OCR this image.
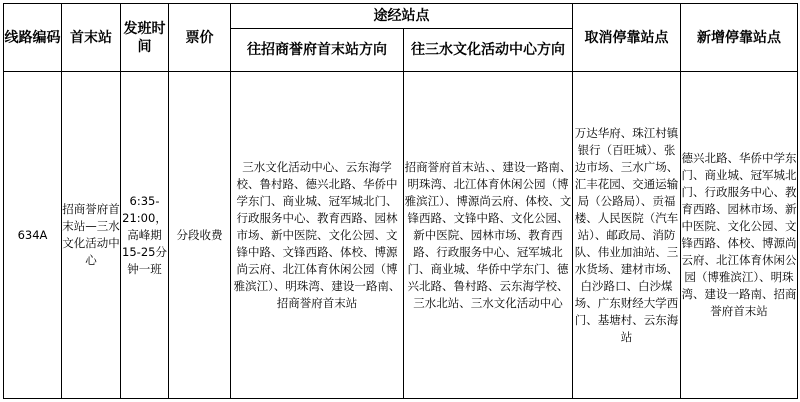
线路编码	首末站	发班时间	票价	途经站点		取消停靠站点	新增停靠站点
				往招商誉府首末站方向	往三水文化活动中心方向		

634A	招商誉府首末站—三水文化活动中心	6:35-21:00，高峰期15-25分钟一班	分段收费	三水文化活动中心、云东海学校、鲁村路、德兴北路、华侨中学东门、商业城、冠军城北门、行政服务中心、教育西路、园林市场、新中医院、文化公园、文锋中路、文锋西路、体校、博源尚云府、北江体育休闲公园（博雅滨江）、明珠湾、建设一路南、招商誉府首末站	招商誉府首末站、、建设一路南、明珠湾、北江体育休闲公园（博雅滨江）、博源尚云府、体校、文锋西路、文锋中路、文化公园、新中医院、园林市场、教育西路、行政服务中心、冠军城北门、商业城、华侨中学东门、德兴北路、鲁村路、云东海学校、三水北站、三水文化活动中心	万达华府、珠江村镇银行（百旺城）、张边市场、三水广场、汇丰花园、交通运输局（公路局）、贡福楼、人民医院（汽车站）、邮政局、消防队、伟业加油站、三水货场、建材市场、白沙路口、白沙煤场、广东财经大学西门、基塘村、云东海站	德兴北路、华侨中学东门、商业城、冠军城北门、行政服务中心、教育西路、园林市场、新中医院、文化公园、文锋西路、体校、博源尚云府、北江体育休闲公园（博雅滨江）、明珠湾、建设一路南、招商誉府首末站
